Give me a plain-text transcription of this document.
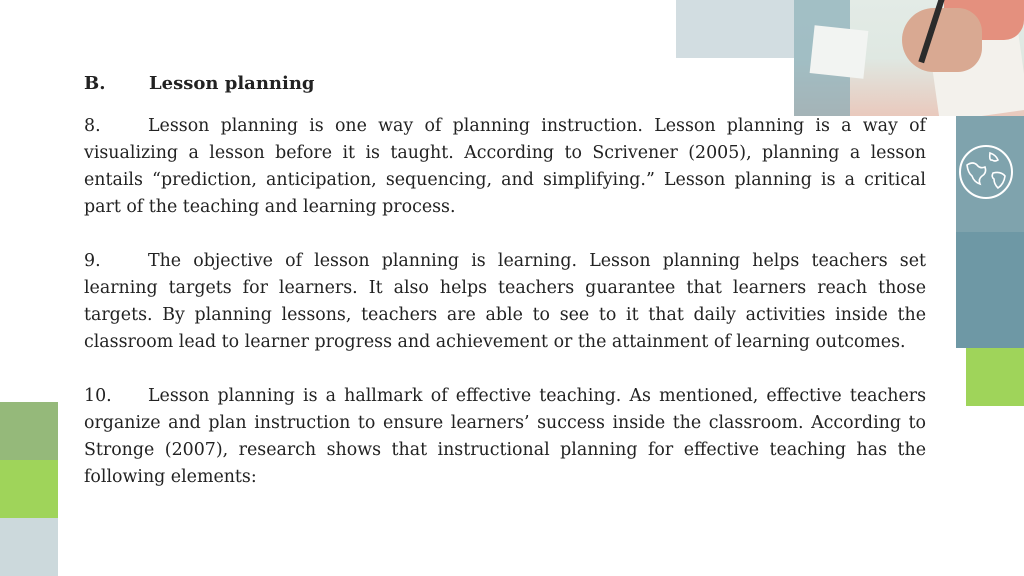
B. Lesson planning

8.	Lesson planning is one way of planning instruction. Lesson planning is a way of visualizing a lesson before it is taught. According to Scrivener (2005), planning a lesson entails “prediction, anticipation, sequencing, and simplifying.” Lesson planning is a critical part of the teaching and learning process.

9.	The objective of lesson planning is learning. Lesson planning helps teachers set learning targets for learners. It also helps teachers guarantee that learners reach those targets. By planning lessons, teachers are able to see to it that daily activities inside the classroom lead to learner progress and achievement or the attainment of learning outcomes.

10. Lesson planning is a hallmark of effective teaching. As mentioned, effective teachers organize and plan instruction to ensure learners’ success inside the classroom. According to Stronge (2007), research shows that instructional planning for effective teaching has the following elements:
